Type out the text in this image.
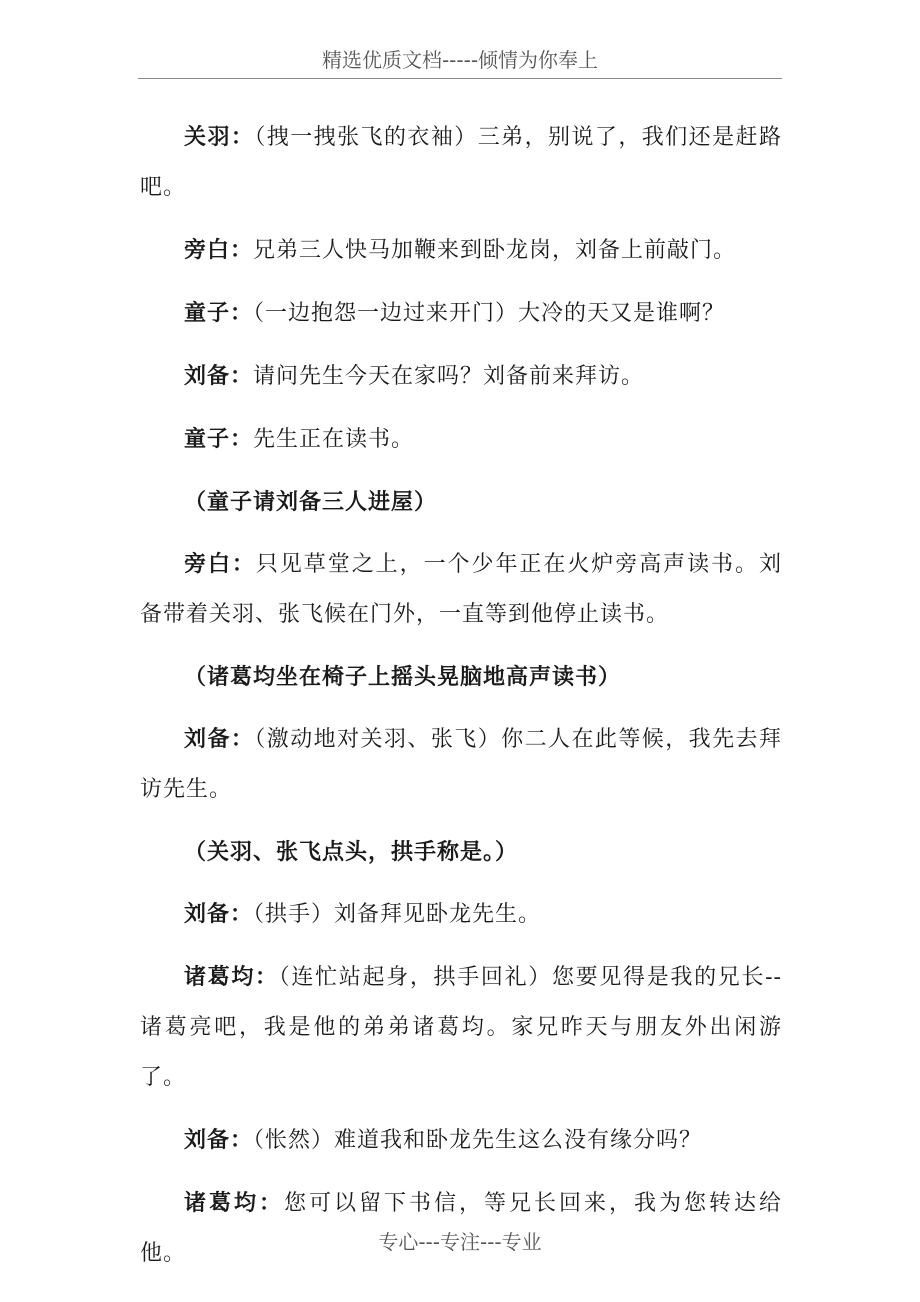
精选优质文档-----倾情为你奉上

关羽：（拽一拽张飞的衣袖）三弟，别说了，我们还是赶路吧。

旁白：兄弟三人快马加鞭来到卧龙岗，刘备上前敲门。

童子：（一边抱怨一边过来开门）大冷的天又是谁啊？

刘备：请问先生今天在家吗？刘备前来拜访。

童子：先生正在读书。

（童子请刘备三人进屋）

旁白：只见草堂之上，一个少年正在火炉旁高声读书。刘备带着关羽、张飞候在门外，一直等到他停止读书。

（诸葛均坐在椅子上摇头晃脑地高声读书）

刘备：（激动地对关羽、张飞）你二人在此等候，我先去拜访先生。

（关羽、张飞点头，拱手称是。）

刘备：（拱手）刘备拜见卧龙先生。

诸葛均：（连忙站起身，拱手回礼）您要见得是我的兄长--诸葛亮吧，我是他的弟弟诸葛均。家兄昨天与朋友外出闲游了。

刘备：（怅然）难道我和卧龙先生这么没有缘分吗？

诸葛均：您可以留下书信，等兄长回来，我为您转达给他。	专心---专注---专业
